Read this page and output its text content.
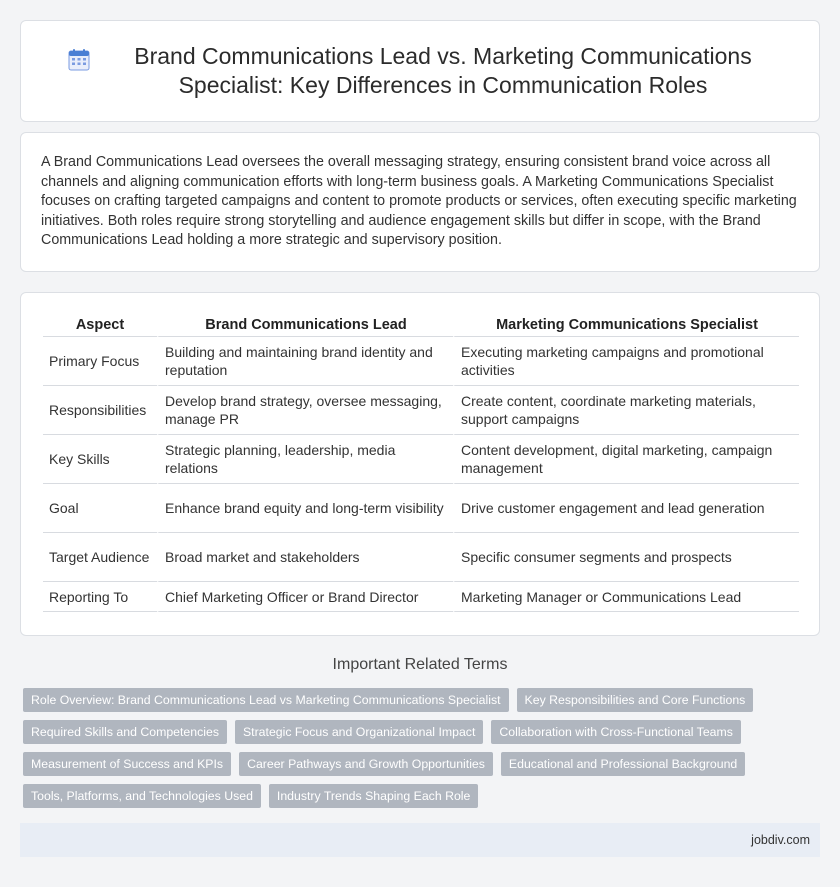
Brand Communications Lead vs. Marketing Communications Specialist: Key Differences in Communication Roles

A Brand Communications Lead oversees the overall messaging strategy, ensuring consistent brand voice across all channels and aligning communication efforts with long-term business goals. A Marketing Communications Specialist focuses on crafting targeted campaigns and content to promote products or services, often executing specific marketing initiatives. Both roles require strong storytelling and audience engagement skills but differ in scope, with the Brand Communications Lead holding a more strategic and supervisory position.

Aspect	Brand Communications Lead	Marketing Communications Specialist
Primary Focus	Building and maintaining brand identity and reputation	Executing marketing campaigns and promotional activities
Responsibilities	Develop brand strategy, oversee messaging, manage PR	Create content, coordinate marketing materials, support campaigns
Key Skills	Strategic planning, leadership, media relations	Content development, digital marketing, campaign management
Goal	Enhance brand equity and long-term visibility	Drive customer engagement and lead generation
Target Audience	Broad market and stakeholders	Specific consumer segments and prospects
Reporting To	Chief Marketing Officer or Brand Director	Marketing Manager or Communications Lead
Important Related Terms
Role Overview: Brand Communications Lead vs Marketing Communications Specialist	Key Responsibilities and Core Functions
Required Skills and Competencies	Strategic Focus and Organizational Impact	Collaboration with Cross-Functional Teams
Measurement of Success and KPIs	Career Pathways and Growth Opportunities	Educational and Professional Background
Tools, Platforms, and Technologies Used	Industry Trends Shaping Each Role
jobdiv.com
